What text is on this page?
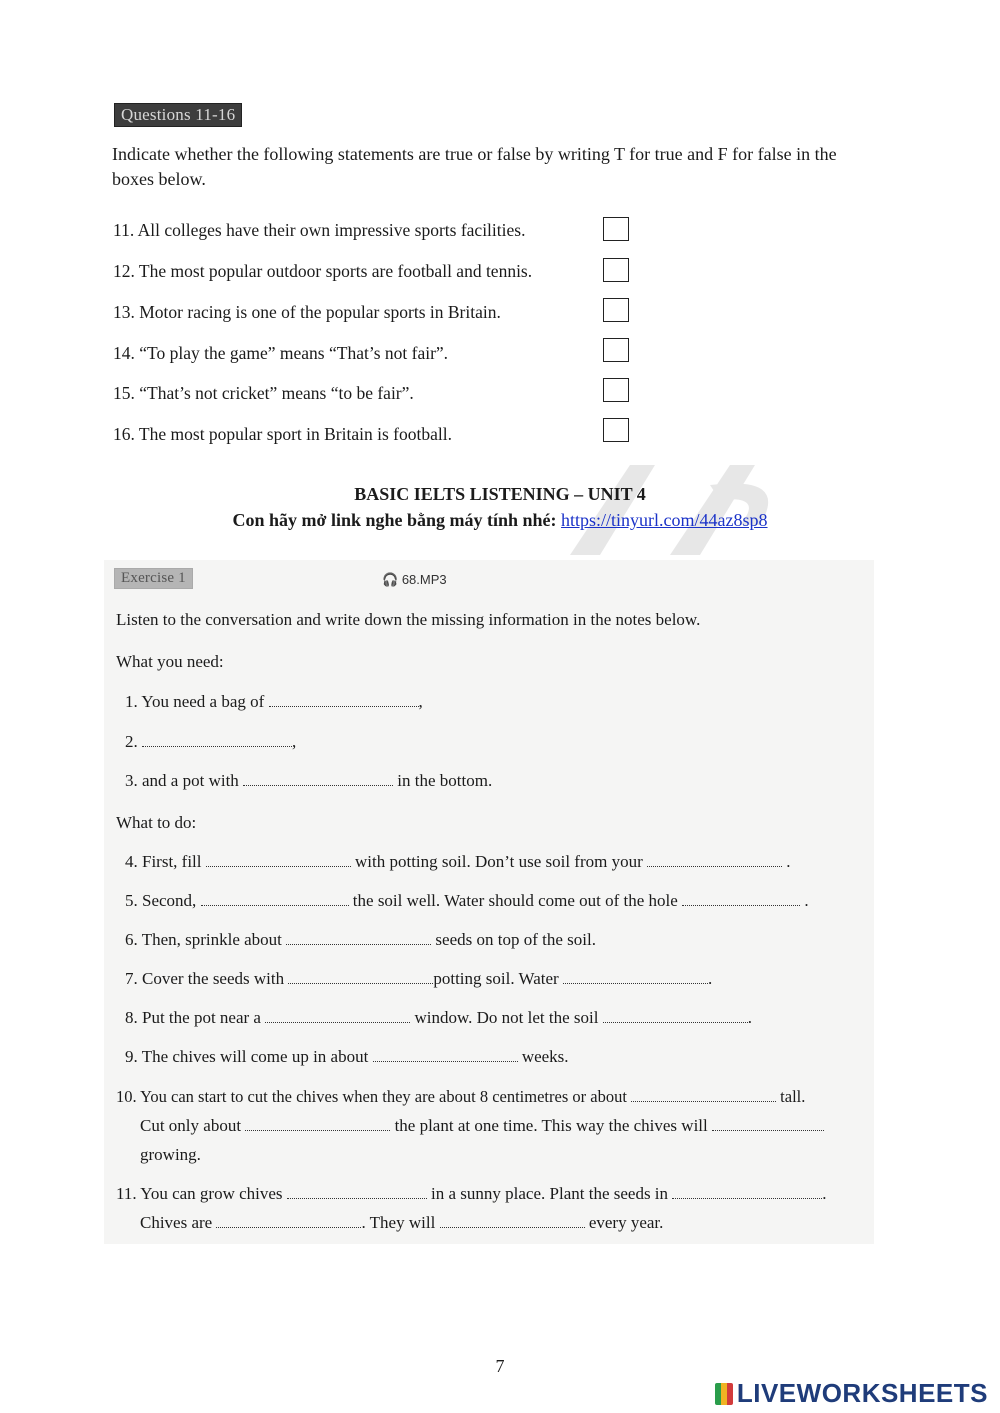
Questions 11-16
Indicate whether the following statements are true or false by writing T for true and F for false in the boxes below.
11. All colleges have their own impressive sports facilities.
12. The most popular outdoor sports are football and tennis.
13. Motor racing is one of the popular sports in Britain.
14. “To play the game” means “That’s not fair”.
15. “That’s not cricket” means “to be fair”.
16. The most popular sport in Britain is football.
BASIC IELTS LISTENING – UNIT 4
Con hãy mở link nghe bằng máy tính nhé: https://tinyurl.com/44az8sp8
Exercise 1	🎧 68.MP3
Listen to the conversation and write down the missing information in the notes below.
What you need:
1. You need a bag of	,
2.	,
3. and a pot with	in the bottom.
What to do:
4. First, fill	with potting soil. Don’t use soil from your	.
5. Second,	the soil well. Water should come out of the hole	.
6. Then, sprinkle about	seeds on top of the soil.
7. Cover the seeds with	potting soil. Water	.
8. Put the pot near a	window. Do not let the soil	.
9. The chives will come up in about	weeks.
10. You can start to cut the chives when they are about 8 centimetres or about	tall.
Cut only about	the plant at one time. This way the chives will
growing.
11. You can grow chives	in a sunny place. Plant the seeds in	.
Chives are	. They will	every year.
7
LIVEWORKSHEETS
